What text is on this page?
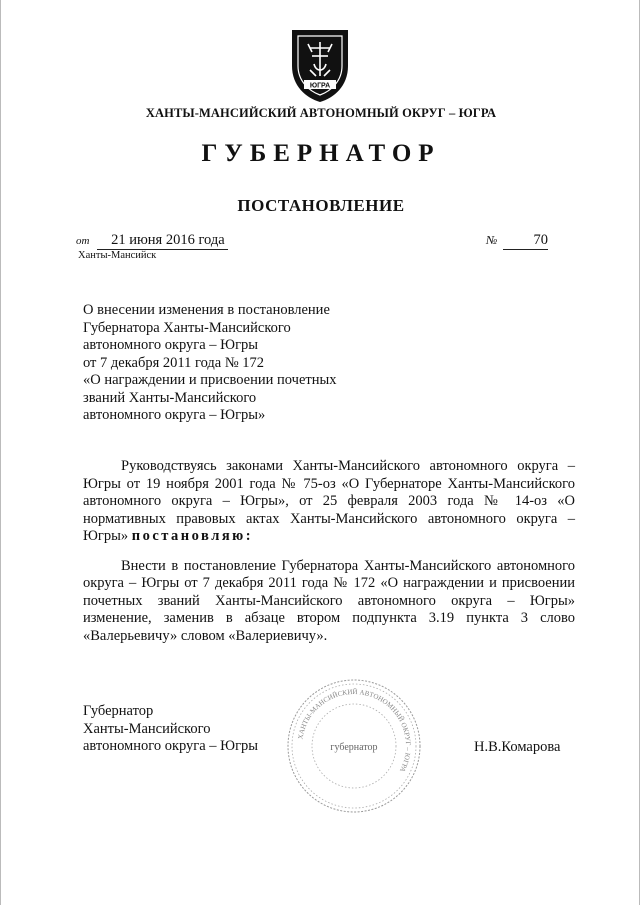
ЮГРА
ХАНТЫ-МАНСИЙСКИЙ АВТОНОМНЫЙ ОКРУГ – ЮГРА
ГУБЕРНАТОР
ПОСТАНОВЛЕНИЕ
от 21 июня 2016 года
Ханты-Мансийск
№ 70
О внесении изменения в постановление
Губернатора Ханты-Мансийского
автономного округа – Югры
от 7 декабря 2011 года № 172
«О награждении и присвоении почетных
званий Ханты-Мансийского
автономного округа – Югры»

Руководствуясь законами Ханты-Мансийского автономного округа – Югры от 19 ноября 2001 года № 75-оз «О Губернаторе Ханты-Мансийского автономного округа – Югры», от 25 февраля 2003 года № 14-оз «О нормативных правовых актах Ханты-Мансийского автономного округа – Югры» постановляю:

Внести в постановление Губернатора Ханты-Мансийского автономного округа – Югры от 7 декабря 2011 года № 172 «О награждении и присвоении почетных званий Ханты-Мансийского автономного округа – Югры» изменение, заменив в абзаце втором подпункта 3.19 пункта 3 слово «Валерьевичу» словом «Валериевичу».

Губернатор
Ханты-Мансийского
автономного округа – Югры
ХАНТЫ-МАНСИЙСКИЙ АВТОНОМНЫЙ ОКРУГ – ЮГРА
губернатор	Н.В.Комарова
